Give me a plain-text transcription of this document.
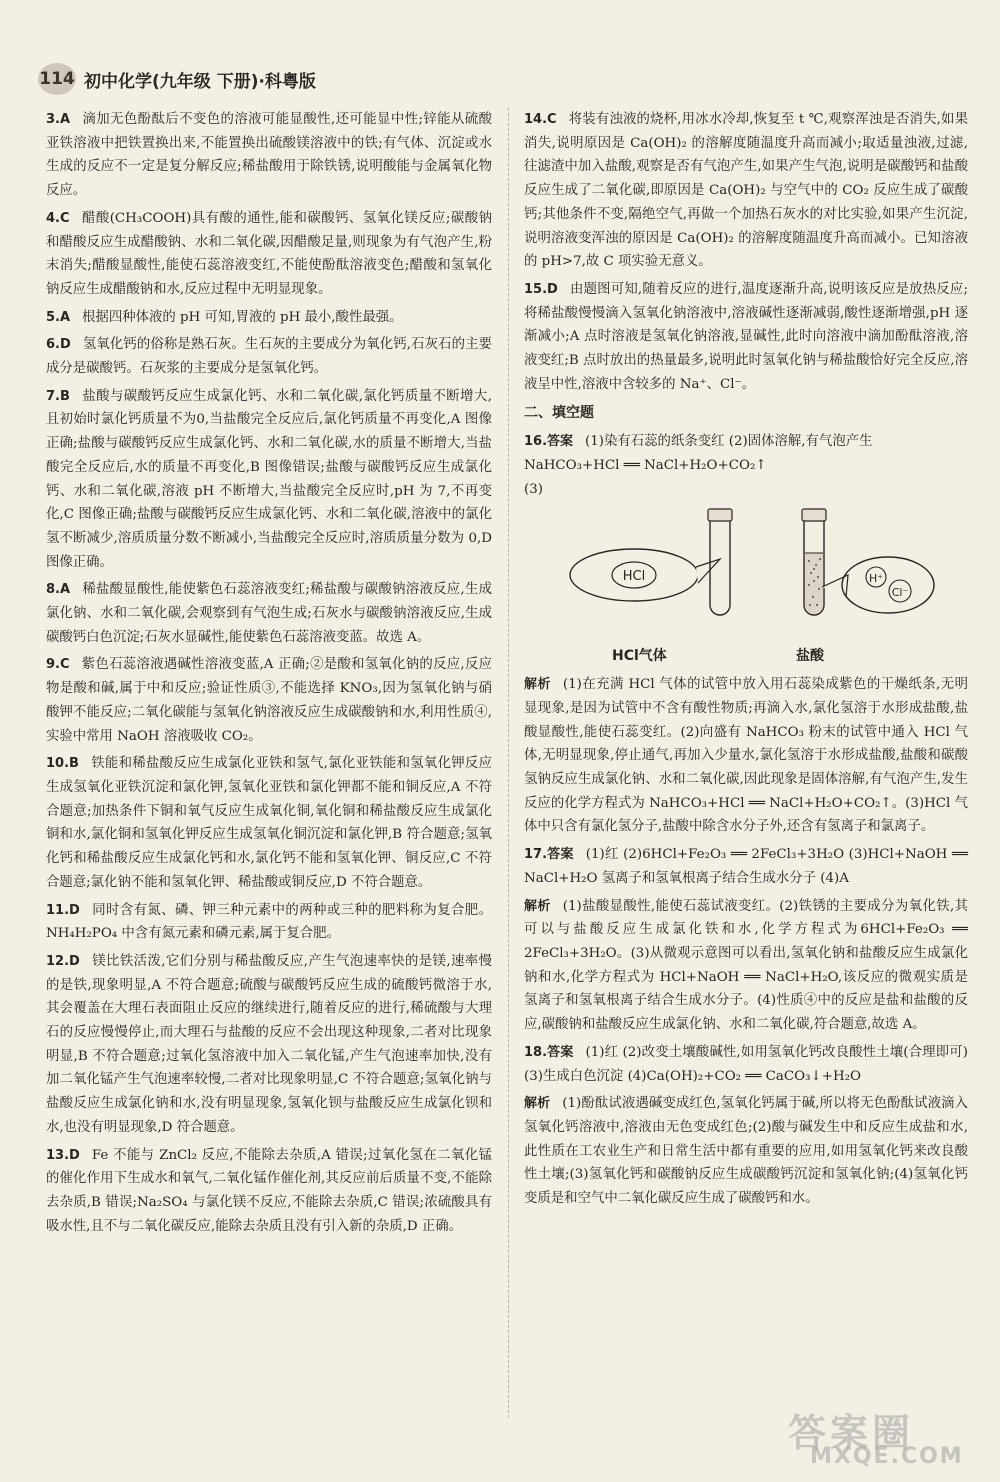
114 初中化学(九年级 下册)·科粤版

3.A 滴加无色酚酞后不变色的溶液可能显酸性,还可能显中性;锌能从硫酸亚铁溶液中把铁置换出来,不能置换出硫酸镁溶液中的铁;有气体、沉淀或水生成的反应不一定是复分解反应;稀盐酸用于除铁锈,说明酸能与金属氧化物反应。

4.C 醋酸(CH₃COOH)具有酸的通性,能和碳酸钙、氢氧化镁反应;碳酸钠和醋酸反应生成醋酸钠、水和二氧化碳,因醋酸足量,则现象为有气泡产生,粉末消失;醋酸显酸性,能使石蕊溶液变红,不能使酚酞溶液变色;醋酸和氢氧化钠反应生成醋酸钠和水,反应过程中无明显现象。

5.A 根据四种体液的 pH 可知,胃液的 pH 最小,酸性最强。

6.D 氢氧化钙的俗称是熟石灰。生石灰的主要成分为氧化钙,石灰石的主要成分是碳酸钙。石灰浆的主要成分是氢氧化钙。

7.B 盐酸与碳酸钙反应生成氯化钙、水和二氧化碳,氯化钙质量不断增大,且初始时氯化钙质量不为0,当盐酸完全反应后,氯化钙质量不再变化,A 图像正确;盐酸与碳酸钙反应生成氯化钙、水和二氧化碳,水的质量不断增大,当盐酸完全反应后,水的质量不再变化,B 图像错误;盐酸与碳酸钙反应生成氯化钙、水和二氧化碳,溶液 pH 不断增大,当盐酸完全反应时,pH 为 7,不再变化,C 图像正确;盐酸与碳酸钙反应生成氯化钙、水和二氧化碳,溶液中的氯化氢不断减少,溶质质量分数不断减小,当盐酸完全反应时,溶质质量分数为 0,D 图像正确。

8.A 稀盐酸显酸性,能使紫色石蕊溶液变红;稀盐酸与碳酸钠溶液反应,生成氯化钠、水和二氧化碳,会观察到有气泡生成;石灰水与碳酸钠溶液反应,生成碳酸钙白色沉淀;石灰水显碱性,能使紫色石蕊溶液变蓝。故选 A。

9.C 紫色石蕊溶液遇碱性溶液变蓝,A 正确;②是酸和氢氧化钠的反应,反应物是酸和碱,属于中和反应;验证性质③,不能选择 KNO₃,因为氢氧化钠与硝酸钾不能反应;二氧化碳能与氢氧化钠溶液反应生成碳酸钠和水,利用性质④,实验中常用 NaOH 溶液吸收 CO₂。

10.B 铁能和稀盐酸反应生成氯化亚铁和氢气,氯化亚铁能和氢氧化钾反应生成氢氧化亚铁沉淀和氯化钾,氢氧化亚铁和氯化钾都不能和铜反应,A 不符合题意;加热条件下铜和氧气反应生成氧化铜,氧化铜和稀盐酸反应生成氯化铜和水,氯化铜和氢氧化钾反应生成氢氧化铜沉淀和氯化钾,B 符合题意;氢氧化钙和稀盐酸反应生成氯化钙和水,氯化钙不能和氢氧化钾、铜反应,C 不符合题意;氯化钠不能和氢氧化钾、稀盐酸或铜反应,D 不符合题意。

11.D 同时含有氮、磷、钾三种元素中的两种或三种的肥料称为复合肥。NH₄H₂PO₄ 中含有氮元素和磷元素,属于复合肥。

12.D 镁比铁活泼,它们分别与稀盐酸反应,产生气泡速率快的是镁,速率慢的是铁,现象明显,A 不符合题意;硫酸与碳酸钙反应生成的硫酸钙微溶于水,其会覆盖在大理石表面阻止反应的继续进行,随着反应的进行,稀硫酸与大理石的反应慢慢停止,而大理石与盐酸的反应不会出现这种现象,二者对比现象明显,B 不符合题意;过氧化氢溶液中加入二氧化锰,产生气泡速率加快,没有加二氧化锰产生气泡速率较慢,二者对比现象明显,C 不符合题意;氢氧化钠与盐酸反应生成氯化钠和水,没有明显现象,氢氧化钡与盐酸反应生成氯化钡和水,也没有明显现象,D 符合题意。

13.D Fe 不能与 ZnCl₂ 反应,不能除去杂质,A 错误;过氧化氢在二氧化锰的催化作用下生成水和氧气,二氧化锰作催化剂,其反应前后质量不变,不能除去杂质,B 错误;Na₂SO₄ 与氯化镁不反应,不能除去杂质,C 错误;浓硫酸具有吸水性,且不与二氧化碳反应,能除去杂质且没有引入新的杂质,D 正确。

14.C 将装有浊液的烧杯,用冰水冷却,恢复至 t ℃,观察浑浊是否消失,如果消失,说明原因是 Ca(OH)₂ 的溶解度随温度升高而减小;取适量浊液,过滤,往滤渣中加入盐酸,观察是否有气泡产生,如果产生气泡,说明是碳酸钙和盐酸反应生成了二氧化碳,即原因是 Ca(OH)₂ 与空气中的 CO₂ 反应生成了碳酸钙;其他条件不变,隔绝空气,再做一个加热石灰水的对比实验,如果产生沉淀,说明溶液变浑浊的原因是 Ca(OH)₂ 的溶解度随温度升高而减小。已知溶液的 pH>7,故 C 项实验无意义。

15.D 由题图可知,随着反应的进行,温度逐渐升高,说明该反应是放热反应;将稀盐酸慢慢滴入氢氧化钠溶液中,溶液碱性逐渐减弱,酸性逐渐增强,pH 逐渐减小;A 点时溶液是氢氧化钠溶液,显碱性,此时向溶液中滴加酚酞溶液,溶液变红;B 点时放出的热量最多,说明此时氢氧化钠与稀盐酸恰好完全反应,溶液呈中性,溶液中含较多的 Na⁺、Cl⁻。

二、填空题

16.答案 (1)染有石蕊的纸条变红 (2)固体溶解,有气泡产生
NaHCO₃+HCl ══ NaCl+H₂O+CO₂↑
(3)

HCl	H⁺
Cl⁻
HCl气体	盐酸

解析 (1)在充满 HCl 气体的试管中放入用石蕊染成紫色的干燥纸条,无明显现象,是因为试管中不含有酸性物质;再滴入水,氯化氢溶于水形成盐酸,盐酸显酸性,能使石蕊变红。(2)向盛有 NaHCO₃ 粉末的试管中通入 HCl 气体,无明显现象,停止通气,再加入少量水,氯化氢溶于水形成盐酸,盐酸和碳酸氢钠反应生成氯化钠、水和二氧化碳,因此现象是固体溶解,有气泡产生,发生反应的化学方程式为 NaHCO₃+HCl ══ NaCl+H₂O+CO₂↑。(3)HCl 气体中只含有氯化氢分子,盐酸中除含水分子外,还含有氢离子和氯离子。

17.答案 (1)红 (2)6HCl+Fe₂O₃ ══ 2FeCl₃+3H₂O (3)HCl+NaOH ══ NaCl+H₂O 氢离子和氢氧根离子结合生成水分子 (4)A

解析 (1)盐酸显酸性,能使石蕊试液变红。(2)铁锈的主要成分为氧化铁,其可以与盐酸反应生成氯化铁和水,化学方程式为6HCl+Fe₂O₃ ══ 2FeCl₃+3H₂O。(3)从微观示意图可以看出,氢氧化钠和盐酸反应生成氯化钠和水,化学方程式为 HCl+NaOH ══ NaCl+H₂O,该反应的微观实质是氢离子和氢氧根离子结合生成水分子。(4)性质④中的反应是盐和盐酸的反应,碳酸钠和盐酸反应生成氯化钠、水和二氧化碳,符合题意,故选 A。

18.答案 (1)红 (2)改变土壤酸碱性,如用氢氧化钙改良酸性土壤(合理即可) (3)生成白色沉淀 (4)Ca(OH)₂+CO₂ ══ CaCO₃↓+H₂O

解析 (1)酚酞试液遇碱变成红色,氢氧化钙属于碱,所以将无色酚酞试液滴入氢氧化钙溶液中,溶液由无色变成红色;(2)酸与碱发生中和反应生成盐和水,此性质在工农业生产和日常生活中都有重要的应用,如用氢氧化钙来改良酸性土壤;(3)氢氧化钙和碳酸钠反应生成碳酸钙沉淀和氢氧化钠;(4)氢氧化钙变质是和空气中二氧化碳反应生成了碳酸钙和水。

答案圈
MXQE.COM
